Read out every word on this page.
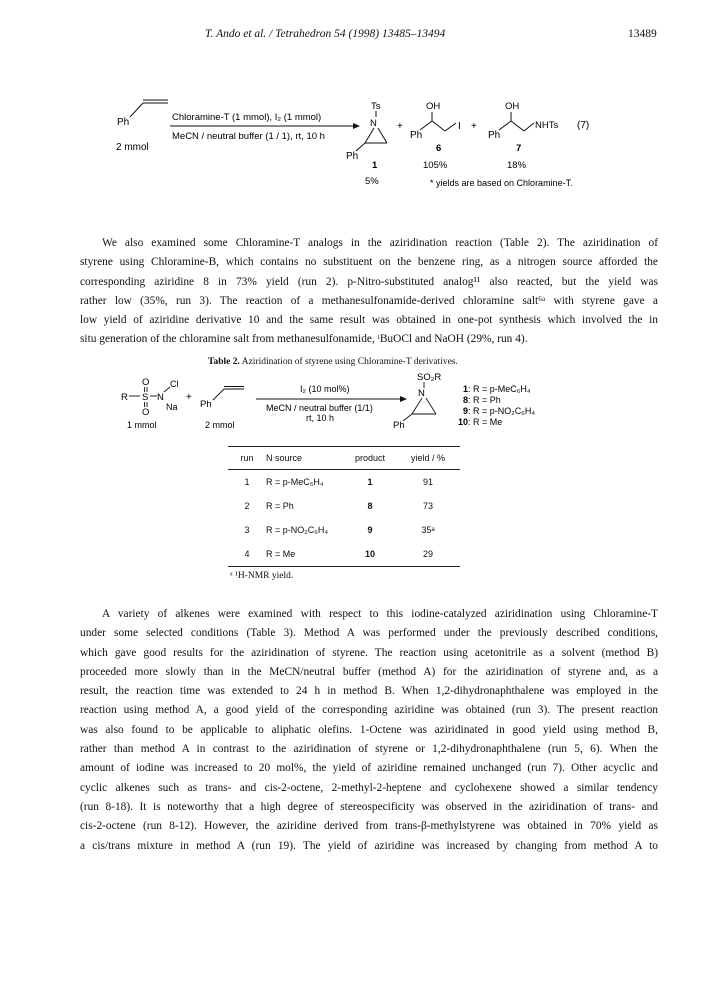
T. Ando et al. / Tetrahedron 54 (1998) 13485–13494	13489
Ph
2 mmol
Chloramine-T (1 mmol), I₂ (1 mmol)
MeCN / neutral buffer (1 / 1), rt, 10 h
Ts
N
Ph
1
5%
+
OH
Ph
I
6
105%
+
OH
Ph
NHTs (7)
7
18%
* yields are based on Chloramine-T.
We also examined some Chloramine-T analogs in the aziridination reaction (Table 2). The aziridination of
styrene using Chloramine-B, which contains no substituent on the benzene ring, as a nitrogen source afforded the
corresponding aziridine 8 in 73% yield (run 2). p-Nitro-substituted analog¹¹ also reacted, but the yield was
rather low (35%, run 3). The reaction of a methanesulfonamide-derived chloramine salt⁶ᵃ with styrene gave a
low yield of aziridine derivative 10 and the same result was obtained in one-pot synthesis which involved the in
situ generation of the chloramine salt from methanesulfonamide, ᵗBuOCl and NaOH (29%, run 4).
Table 2. Aziridination of styrene using Chloramine-T derivatives.
O
R S N
Cl
Na
O
1 mmol
+
Ph
2 mmol
I₂ (10 mol%)
MeCN / neutral buffer (1/1)
rt, 10 h
SO₂R
N
Ph
1 : R = p-MeC₆H₄
8 : R = Ph
9 : R = p-NO₂C₆H₄
10 : R = Me
run	N source	product	yield / %
1	R = p-MeC₆H₄	1	91
2	R = Ph	8	73
3	R = p-NO₂C₆H₄	9	35ᵃ
4	R = Me	10	29
ᵃ ¹H-NMR yield.
A variety of alkenes were examined with respect to this iodine-catalyzed aziridination using Chloramine-T
under some selected conditions (Table 3). Method A was performed under the previously described conditions,
which gave good results for the aziridination of styrene. The reaction using acetonitrile as a solvent (method B)
proceeded more slowly than in the MeCN/neutral buffer (method A) for the aziridination of styrene and, as a
result, the reaction time was extended to 24 h in method B. When 1,2-dihydronaphthalene was employed in the
reaction using method A, a good yield of the corresponding aziridine was obtained (run 3). The present reaction
was also found to be applicable to aliphatic olefins. 1-Octene was aziridinated in good yield using method B,
rather than method A in contrast to the aziridination of styrene or 1,2-dihydronaphthalene (run 5, 6). When the
amount of iodine was increased to 20 mol%, the yield of aziridine remained unchanged (run 7). Other acyclic and
cyclic alkenes such as trans- and cis-2-octene, 2-methyl-2-heptene and cyclohexene showed a similar tendency
(run 8-18). It is noteworthy that a high degree of stereospecificity was observed in the aziridination of trans- and
cis-2-octene (run 8-12). However, the aziridine derived from trans-β-methylstyrene was obtained in 70% yield as
a cis/trans mixture in method A (run 19). The yield of aziridine was increased by changing from method A to
